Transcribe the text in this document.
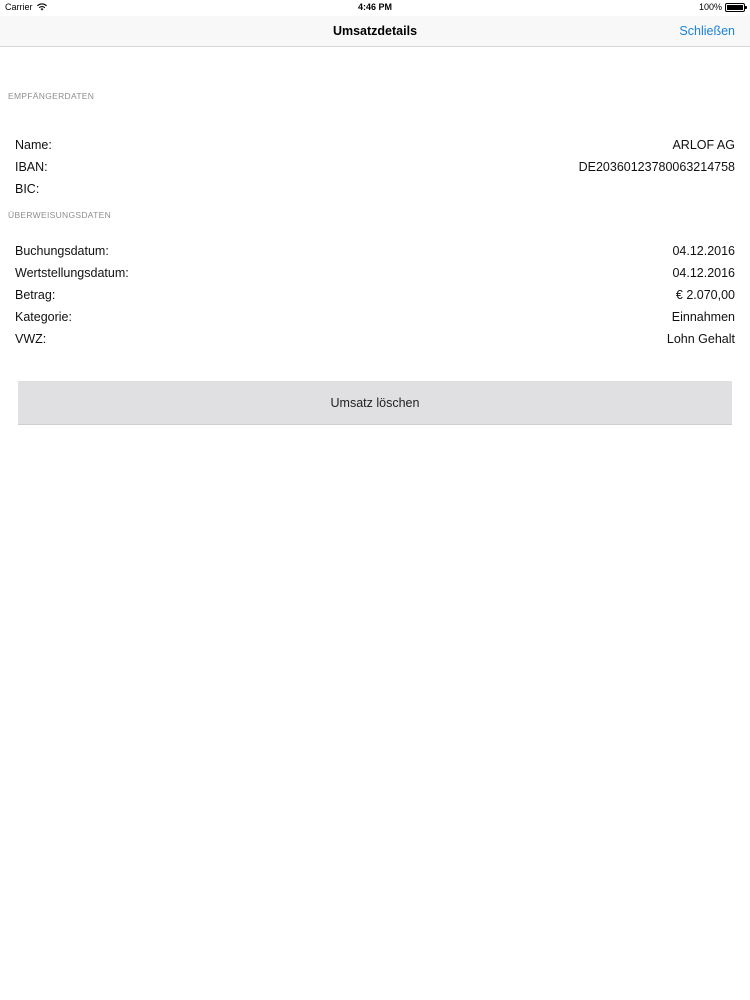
Carrier	4:46 PM	100%
Umsatzdetails	Schließen
EMPFÄNGERDATEN
Name:	ARLOF AG
IBAN:	DE20360123780063214758
BIC:
ÜBERWEISUNGSDATEN
Buchungsdatum:	04.12.2016
Wertstellungsdatum:	04.12.2016
Betrag:	€ 2.070,00
Kategorie:	Einnahmen
VWZ:	Lohn Gehalt
Umsatz löschen
